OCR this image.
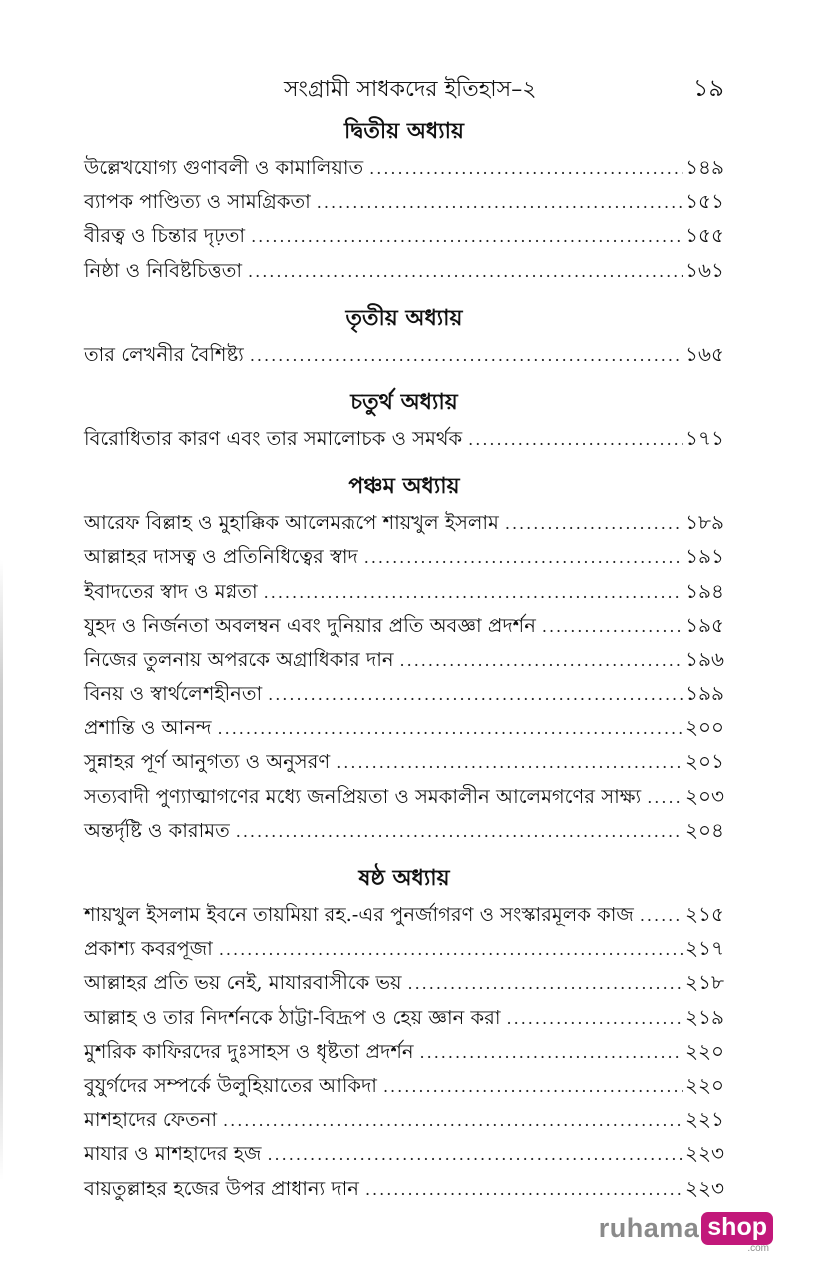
সংগ্রামী সাধকদের ইতিহাস–২	১৯
দ্বিতীয় অধ্যায়
উল্লেখযোগ্য গুণাবলী ও কামালিয়াত .....	১৪৯
ব্যাপক পাণ্ডিত্য ও সামগ্রিকতা .....	১৫১
বীরত্ব ও চিন্তার দৃঢ়তা .....	১৫৫
নিষ্ঠা ও নিবিষ্টচিত্ততা .....	১৬১
তৃতীয় অধ্যায়
তার লেখনীর বৈশিষ্ট্য .....	১৬৫
চতুর্থ অধ্যায়
বিরোধিতার কারণ এবং তার সমালোচক ও সমর্থক .....	১৭১
পঞ্চম অধ্যায়
আরেফ বিল্লাহ ও মুহাক্কিক আলেমরূপে শায়খুল ইসলাম .....	১৮৯
আল্লাহর দাসত্ব ও প্রতিনিধিত্বের স্বাদ .....	১৯১
ইবাদতের স্বাদ ও মগ্নতা .....	১৯৪
যুহদ ও নির্জনতা অবলম্বন এবং দুনিয়ার প্রতি অবজ্ঞা প্রদর্শন .....	১৯৫
নিজের তুলনায় অপরকে অগ্রাধিকার দান .....	১৯৬
বিনয় ও স্বার্থলেশহীনতা .....	১৯৯
প্রশান্তি ও আনন্দ .....	২০০
সুন্নাহর পূর্ণ আনুগত্য ও অনুসরণ .....	২০১
সত্যবাদী পুণ্যাত্মাগণের মধ্যে জনপ্রিয়তা ও সমকালীন আলেমগণের সাক্ষ্য .....	২০৩
অন্তর্দৃষ্টি ও কারামত .....	২০৪
ষষ্ঠ অধ্যায়
শায়খুল ইসলাম ইবনে তায়মিয়া রহ.-এর পুনর্জাগরণ ও সংস্কারমূলক কাজ .....	২১৫
প্রকাশ্য কবরপূজা .....	২১৭
আল্লাহর প্রতি ভয় নেই, মাযারবাসীকে ভয় .....	২১৮
আল্লাহ ও তার নিদর্শনকে ঠাট্টা-বিদ্রূপ ও হেয় জ্ঞান করা .....	২১৯
মুশরিক কাফিরদের দুঃসাহস ও ধৃষ্টতা প্রদর্শন .....	২২০
বুযুর্গদের সম্পর্কে উলুহিয়াতের আকিদা .....	২২০
মাশহাদের ফেতনা .....	২২১
মাযার ও মাশহাদের হজ .....	২২৩
বায়তুল্লাহর হজের উপর প্রাধান্য দান .....	২২৩
ruhama shop
.com
